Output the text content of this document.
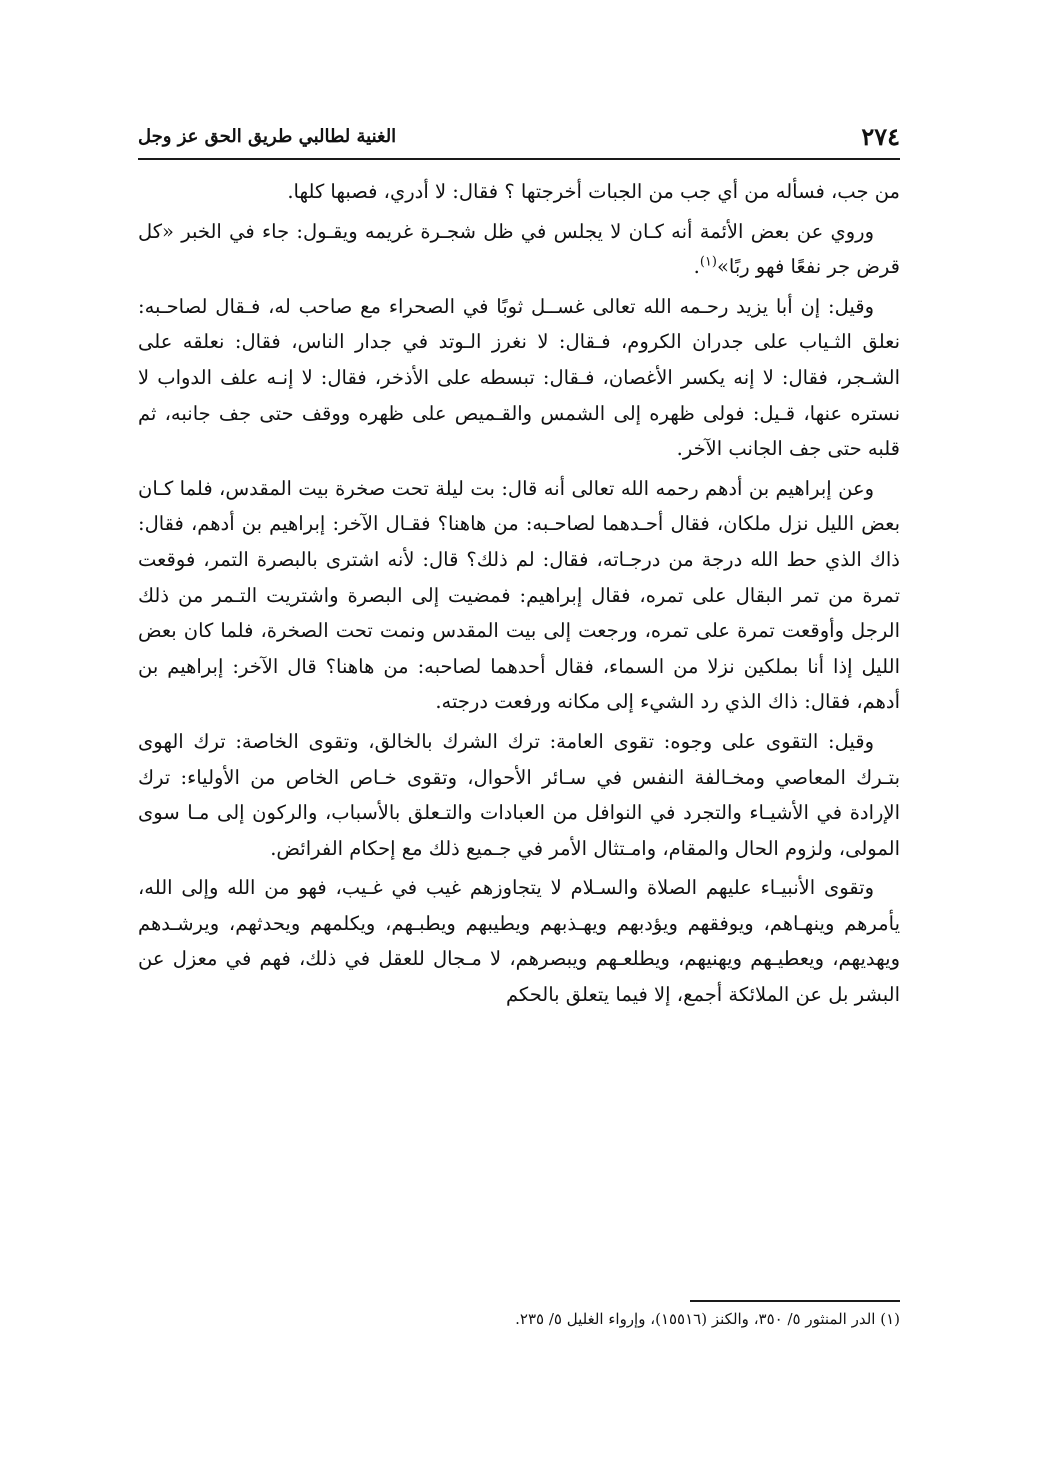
٢٧٤
الغنية لطالبي طريق الحق عز وجل

من جب، فسأله من أي جب من الجبات أخرجتها ؟ فقال: لا أدري، فصبها كلها.

وروي عن بعض الأئمة أنه كـان لا يجلس في ظل شجـرة غريمه ويقـول: جاء في الخبر «كل قرض جر نفعًا فهو ربًا»$^{(١)}$.

وقيل: إن أبا يزيد رحـمه الله تعالى غســل ثوبًا في الصحراء مع صاحب له، فـقال لصاحـبه: نعلق الثـياب على جدران الكروم، فـقال: لا نغرز الـوتد في جدار الناس، فقال: نعلقه على الشـجر، فقال: لا إنه يكسر الأغصان، فـقال: تبسطه على الأذخر، فقال: لا إنـه علف الدواب لا نستره عنها، قـيل: فولى ظهره إلى الشمس والقـميص على ظهره ووقف حتى جف جانبه، ثم قلبه حتى جف الجانب الآخر.

وعن إبراهيم بن أدهم رحمه الله تعالى أنه قال: بت ليلة تحت صخرة بيت المقدس، فلما كـان بعض الليل نزل ملكان، فقال أحـدهما لصاحـبه: من هاهنا؟ فقـال الآخر: إبراهيم بن أدهم، فقال: ذاك الذي حط الله درجة من درجـاته، فقال: لم ذلك؟ قال: لأنه اشترى بالبصرة التمر، فوقعت تمرة من تمر البقال على تمره، فقال إبراهيم: فمضيت إلى البصرة واشتريت التـمر من ذلك الرجل وأوقعت تمرة على تمره، ورجعت إلى بيت المقدس ونمت تحت الصخرة، فلما كان بعض الليل إذا أنا بملكين نزلا من السماء، فقال أحدهما لصاحبه: من هاهنا؟ قال الآخر: إبراهيم بن أدهم، فقال: ذاك الذي رد الشيء إلى مكانه ورفعت درجته.

وقيل: التقوى على وجوه: تقوى العامة: ترك الشرك بالخالق، وتقوى الخاصة: ترك الهوى بتـرك المعاصي ومخـالفة النفس في سـائر الأحوال، وتقوى خـاص الخاص من الأولياء: ترك الإرادة في الأشيـاء والتجرد في النوافل من العبادات والتـعلق بالأسباب، والركون إلى مـا سوى المولى، ولزوم الحال والمقام، وامـتثال الأمر في جـميع ذلك مع إحكام الفرائض.

وتقوى الأنبيـاء عليهم الصلاة والسـلام لا يتجاوزهم غيب في غـيب، فهو من الله وإلى الله، يأمرهم وينهـاهم، ويوفقهم ويؤدبهم ويهـذبهم ويطيبهم ويطبـهم، ويكلمهم ويحدثهم، ويرشـدهم ويهديهم، ويعطيـهم ويهنيهم، ويطلعـهم ويبصرهم، لا مـجال للعقل في ذلك، فهم في معزل عن البشر بل عن الملائكة أجمع، إلا فيما يتعلق بالحكم

(١) الدر المنثور ٥/ ٣٥٠، والكنز (١٥٥١٦)، وإرواء الغليل ٥/ ٢٣٥.
